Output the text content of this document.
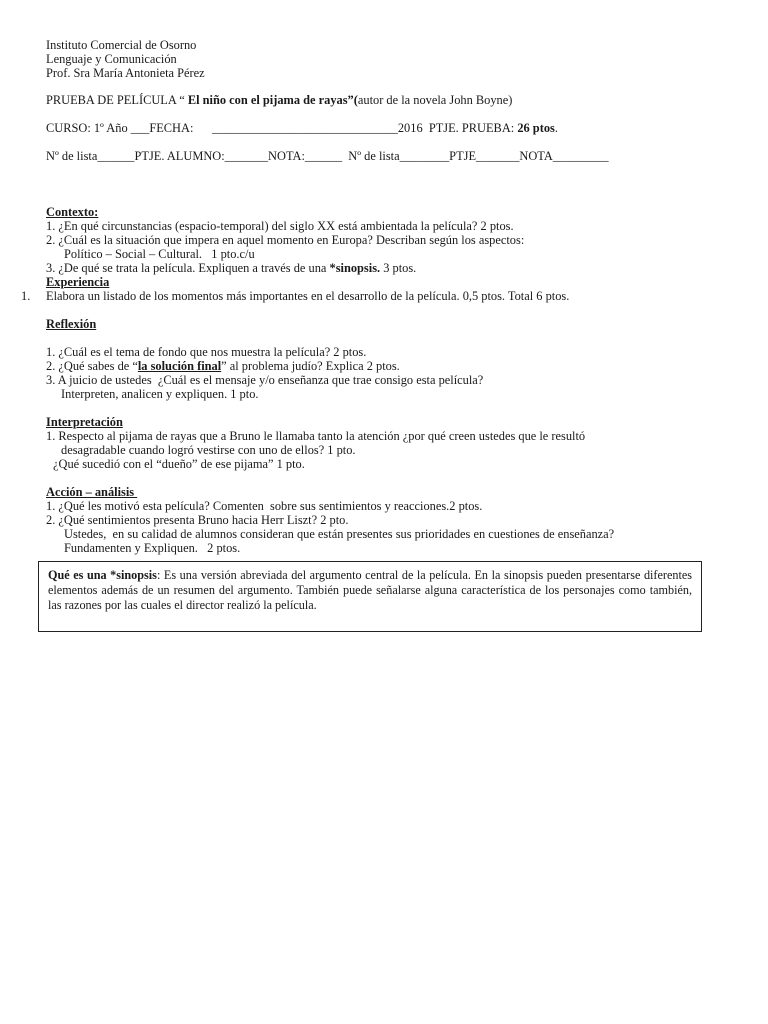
Instituto Comercial de Osorno
Lenguaje y Comunicación
Prof. Sra María Antonieta Pérez
PRUEBA DE PELÍCULA “ El niño con el pijama de rayas”(autor de la novela John Boyne)
CURSO: 1º Año ___FECHA: ______________________________2016  PTJE. PRUEBA: 26 ptos.
Nº de lista______PTJE. ALUMNO:_______NOTA:______  Nº de lista________PTJE_______NOTA_________
Contexto:
1. ¿En qué circunstancias (espacio-temporal) del siglo XX está ambientada la película? 2 ptos.
2. ¿Cuál es la situación que impera en aquel momento en Europa? Describan según los aspectos:
Político – Social – Cultural.   1 pto.c/u
3. ¿De qué se trata la película. Expliquen a través de una *sinopsis. 3 ptos.
Experiencia
1. Elabora un listado de los momentos más importantes en el desarrollo de la película. 0,5 ptos. Total 6 ptos.
Reflexión
1. ¿Cuál es el tema de fondo que nos muestra la película? 2 ptos.
2. ¿Qué sabes de “la solución final” al problema judío? Explica 2 ptos.
3. A juicio de ustedes  ¿Cuál es el mensaje y/o enseñanza que trae consigo esta película?
Interpreten, analicen y expliquen. 1 pto.
Interpretación
1. Respecto al pijama de rayas que a Bruno le llamaba tanto la atención ¿por qué creen ustedes que le resultó
desagradable cuando logró vestirse con uno de ellos? 1 pto.
¿Qué sucedió con el “dueño” de ese pijama” 1 pto.
Acción – análisis
1. ¿Qué les motivó esta película? Comenten  sobre sus sentimientos y reacciones.2 ptos.
2. ¿Qué sentimientos presenta Bruno hacia Herr Liszt? 2 pto.
Ustedes,  en su calidad de alumnos consideran que están presentes sus prioridades en cuestiones de enseñanza?
Fundamenten y Expliquen.   2 ptos.
Qué es una *sinopsis: Es una versión abreviada del argumento central de la película. En la sinopsis pueden presentarse diferentes elementos además de un resumen del argumento. También puede señalarse alguna característica de los personajes como también, las razones por las cuales el director realizó la película.
